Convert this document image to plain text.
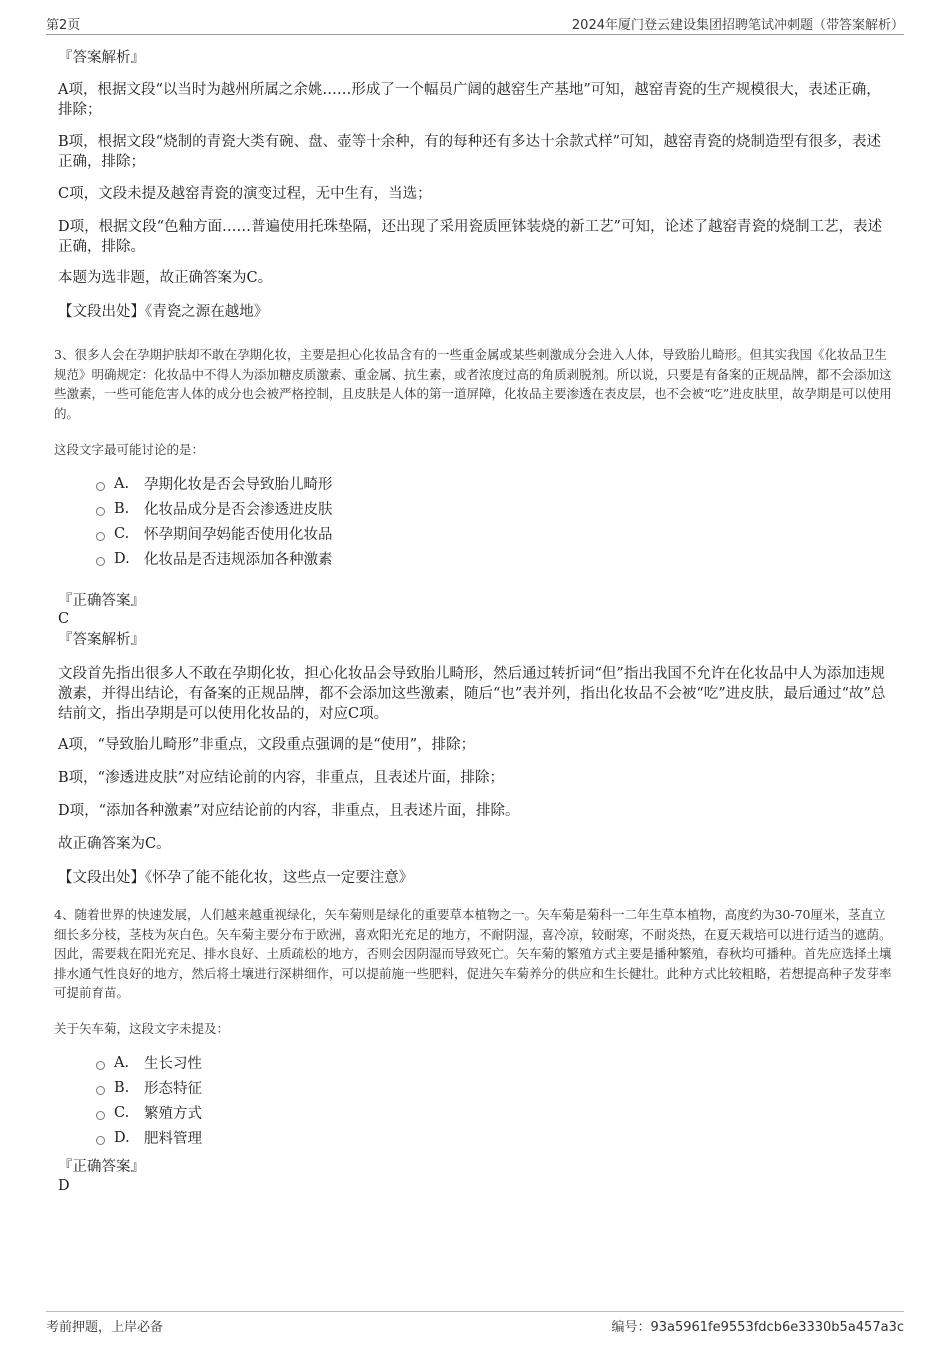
第2页	2024年厦门登云建设集团招聘笔试冲刺题（带答案解析）
『答案解析』
A项，根据文段“以当时为越州所属之余姚……形成了一个幅员广阔的越窑生产基地”可知，越窑青瓷的生产规模很大，表述正确，排除；
B项，根据文段“烧制的青瓷大类有碗、盘、壶等十余种，有的每种还有多达十余款式样”可知，越窑青瓷的烧制造型有很多，表述正确，排除；
C项，文段未提及越窑青瓷的演变过程，无中生有，当选；
D项，根据文段“色釉方面……普遍使用托珠垫隔，还出现了采用瓷质匣钵装烧的新工艺”可知，论述了越窑青瓷的烧制工艺，表述正确，排除。
本题为选非题，故正确答案为C。
【文段出处】《青瓷之源在越地》
3、很多人会在孕期护肤却不敢在孕期化妆，主要是担心化妆品含有的一些重金属或某些刺激成分会进入人体，导致胎儿畸形。但其实我国《化妆品卫生规范》明确规定：化妆品中不得人为添加糖皮质激素、重金属、抗生素，或者浓度过高的角质剥脱剂。所以说，只要是有备案的正规品牌，都不会添加这些激素，一些可能危害人体的成分也会被严格控制，且皮肤是人体的第一道屏障，化妆品主要渗透在表皮层，也不会被“吃”进皮肤里，故孕期是可以使用的。
这段文字最可能讨论的是：
A.	孕期化妆是否会导致胎儿畸形
B.	化妆品成分是否会渗透进皮肤
C.	怀孕期间孕妈能否使用化妆品
D. 化妆品是否违规添加各种激素
『正确答案』
C
『答案解析』
文段首先指出很多人不敢在孕期化妆，担心化妆品会导致胎儿畸形，然后通过转折词“但”指出我国不允许在化妆品中人为添加违规激素，并得出结论，有备案的正规品牌，都不会添加这些激素，随后“也”表并列，指出化妆品不会被“吃”进皮肤，最后通过“故”总结前文，指出孕期是可以使用化妆品的，对应C项。
A项，“导致胎儿畸形”非重点，文段重点强调的是“使用”，排除；
B项，“渗透进皮肤”对应结论前的内容，非重点，且表述片面，排除；
D项，“添加各种激素”对应结论前的内容，非重点，且表述片面，排除。
故正确答案为C。
【文段出处】《怀孕了能不能化妆，这些点一定要注意》
4、随着世界的快速发展，人们越来越重视绿化，矢车菊则是绿化的重要草本植物之一。矢车菊是菊科一二年生草本植物，高度约为30-70厘米，茎直立细长多分枝，茎枝为灰白色。矢车菊主要分布于欧洲，喜欢阳光充足的地方，不耐阴湿，喜冷凉，较耐寒，不耐炎热，在夏天栽培可以进行适当的遮荫。因此，需要栽在阳光充足、排水良好、土质疏松的地方，否则会因阴湿而导致死亡。矢车菊的繁殖方式主要是播种繁殖，春秋均可播种。首先应选择土壤排水通气性良好的地方，然后将土壤进行深耕细作，可以提前施一些肥料，促进矢车菊养分的供应和生长健壮。此种方式比较粗略，若想提高种子发芽率可提前育苗。
关于矢车菊，这段文字未提及：
A.	生长习性
B.	形态特征
C.	繁殖方式
D. 肥料管理
『正确答案』
D
考前押题，上岸必备	编号：93a5961fe9553fdcb6e3330b5a457a3c
